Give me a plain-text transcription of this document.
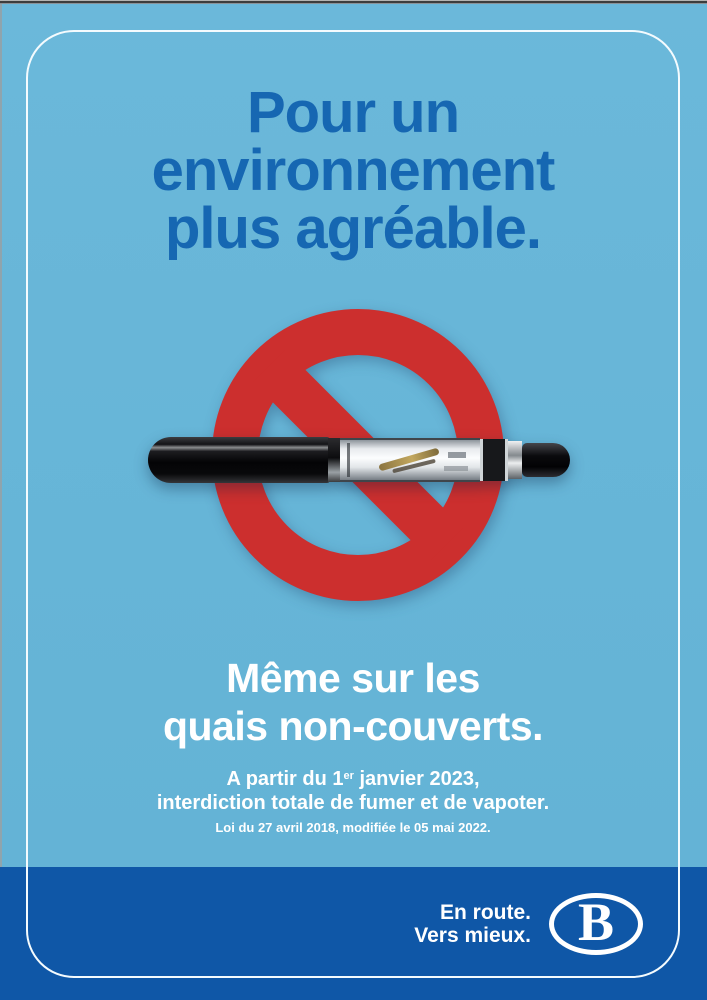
Pour un
environnement
plus agréable.
Même sur les
quais non-couverts.
A partir du 1er janvier 2023,
interdiction totale de fumer et de vapoter.
Loi du 27 avril 2018, modifiée le 05 mai 2022.
En route.
Vers mieux. B
